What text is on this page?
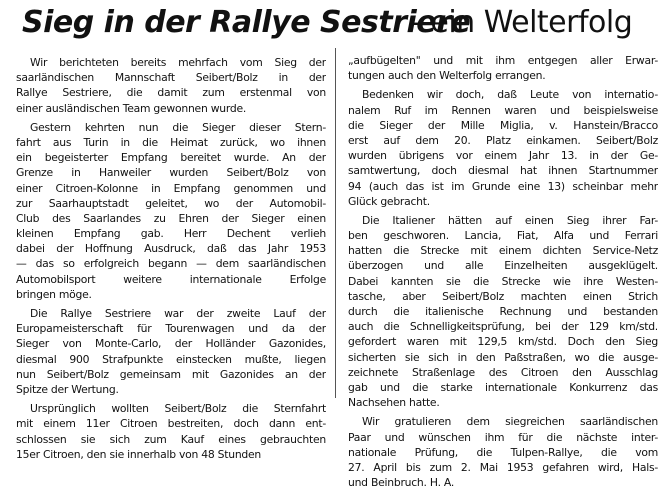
Sieg in der Rallye Sestriere
- ein Welterfolg
Wir berichteten bereits mehrfach vom Sieg der
saarländischen Mannschaft Seibert/Bolz in der
Rallye Sestriere, die damit zum erstenmal von
einer ausländischen Team gewonnen wurde.
Gestern kehrten nun die Sieger dieser Stern-
fahrt aus Turin in die Heimat zurück, wo ihnen
ein begeisterter Empfang bereitet wurde. An der
Grenze in Hanweiler wurden Seibert/Bolz von
einer Citroen-Kolonne in Empfang genommen und
zur Saarhauptstadt geleitet, wo der Automobil-
Club des Saarlandes zu Ehren der Sieger einen
kleinen Empfang gab. Herr Dechent verlieh
dabei der Hoffnung Ausdruck, daß das Jahr 1953
— das so erfolgreich begann — dem saarländischen
Automobilsport weitere internationale Erfolge
bringen möge.
Die Rallye Sestriere war der zweite Lauf der
Europameisterschaft für Tourenwagen und da der
Sieger von Monte-Carlo, der Holländer Gazonides,
diesmal 900 Strafpunkte einstecken mußte, liegen
nun Seibert/Bolz gemeinsam mit Gazonides an der
Spitze der Wertung.
Ursprünglich wollten Seibert/Bolz die Sternfahrt
mit einem 11er Citroen bestreiten, doch dann ent-
schlossen sie sich zum Kauf eines gebrauchten
15er Citroen, den sie innerhalb von 48 Stunden
„aufbügelten" und mit ihm entgegen aller Erwar-
tungen auch den Welterfolg errangen.
Bedenken wir doch, daß Leute von internatio-
nalem Ruf im Rennen waren und beispielsweise
die Sieger der Mille Miglia, v. Hanstein/Bracco
erst auf dem 20. Platz einkamen. Seibert/Bolz
wurden übrigens vor einem Jahr 13. in der Ge-
samtwertung, doch diesmal hat ihnen Startnummer
94 (auch das ist im Grunde eine 13) scheinbar mehr
Glück gebracht.
Die Italiener hätten auf einen Sieg ihrer Far-
ben geschworen. Lancia, Fiat, Alfa und Ferrari
hatten die Strecke mit einem dichten Service-Netz
überzogen und alle Einzelheiten ausgeklügelt.
Dabei kannten sie die Strecke wie ihre Westen-
tasche, aber Seibert/Bolz machten einen Strich
durch die italienische Rechnung und bestanden
auch die Schnelligkeitsprüfung, bei der 129 km/std.
gefordert waren mit 129,5 km/std. Doch den Sieg
sicherten sie sich in den Paßstraßen, wo die ausge-
zeichnete Straßenlage des Citroen den Ausschlag
gab und die starke internationale Konkurrenz das
Nachsehen hatte.
Wir gratulieren dem siegreichen saarländischen
Paar und wünschen ihm für die nächste inter-
nationale Prüfung, die Tulpen-Rallye, die vom
27. April bis zum 2. Mai 1953 gefahren wird, Hals-
und Beinbruch. H. A.
